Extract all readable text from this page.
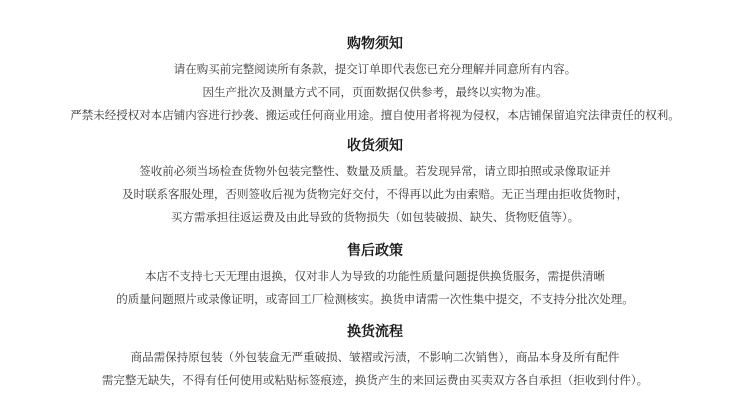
购物须知
请在购买前完整阅读所有条款，提交订单即代表您已充分理解并同意所有内容。
因生产批次及测量方式不同，页面数据仅供参考，最终以实物为准。
严禁未经授权对本店铺内容进行抄袭、搬运或任何商业用途。擅自使用者将视为侵权，本店铺保留追究法律责任的权利。
收货须知
签收前必须当场检查货物外包装完整性、数量及质量。若发现异常，请立即拍照或录像取证并
及时联系客服处理，否则签收后视为货物完好交付，不得再以此为由索赔。无正当理由拒收货物时，
买方需承担往返运费及由此导致的货物损失（如包装破损、缺失、货物贬值等）。
售后政策
本店不支持七天无理由退换，仅对非人为导致的功能性质量问题提供换货服务，需提供清晰
的质量问题照片或录像证明，或寄回工厂检测核实。换货申请需一次性集中提交，不支持分批次处理。
换货流程
商品需保持原包装（外包装盒无严重破损、皱褶或污渍，不影响二次销售），商品本身及所有配件
需完整无缺失，不得有任何使用或粘贴标签痕迹，换货产生的来回运费由买卖双方各自承担（拒收到付件）。
